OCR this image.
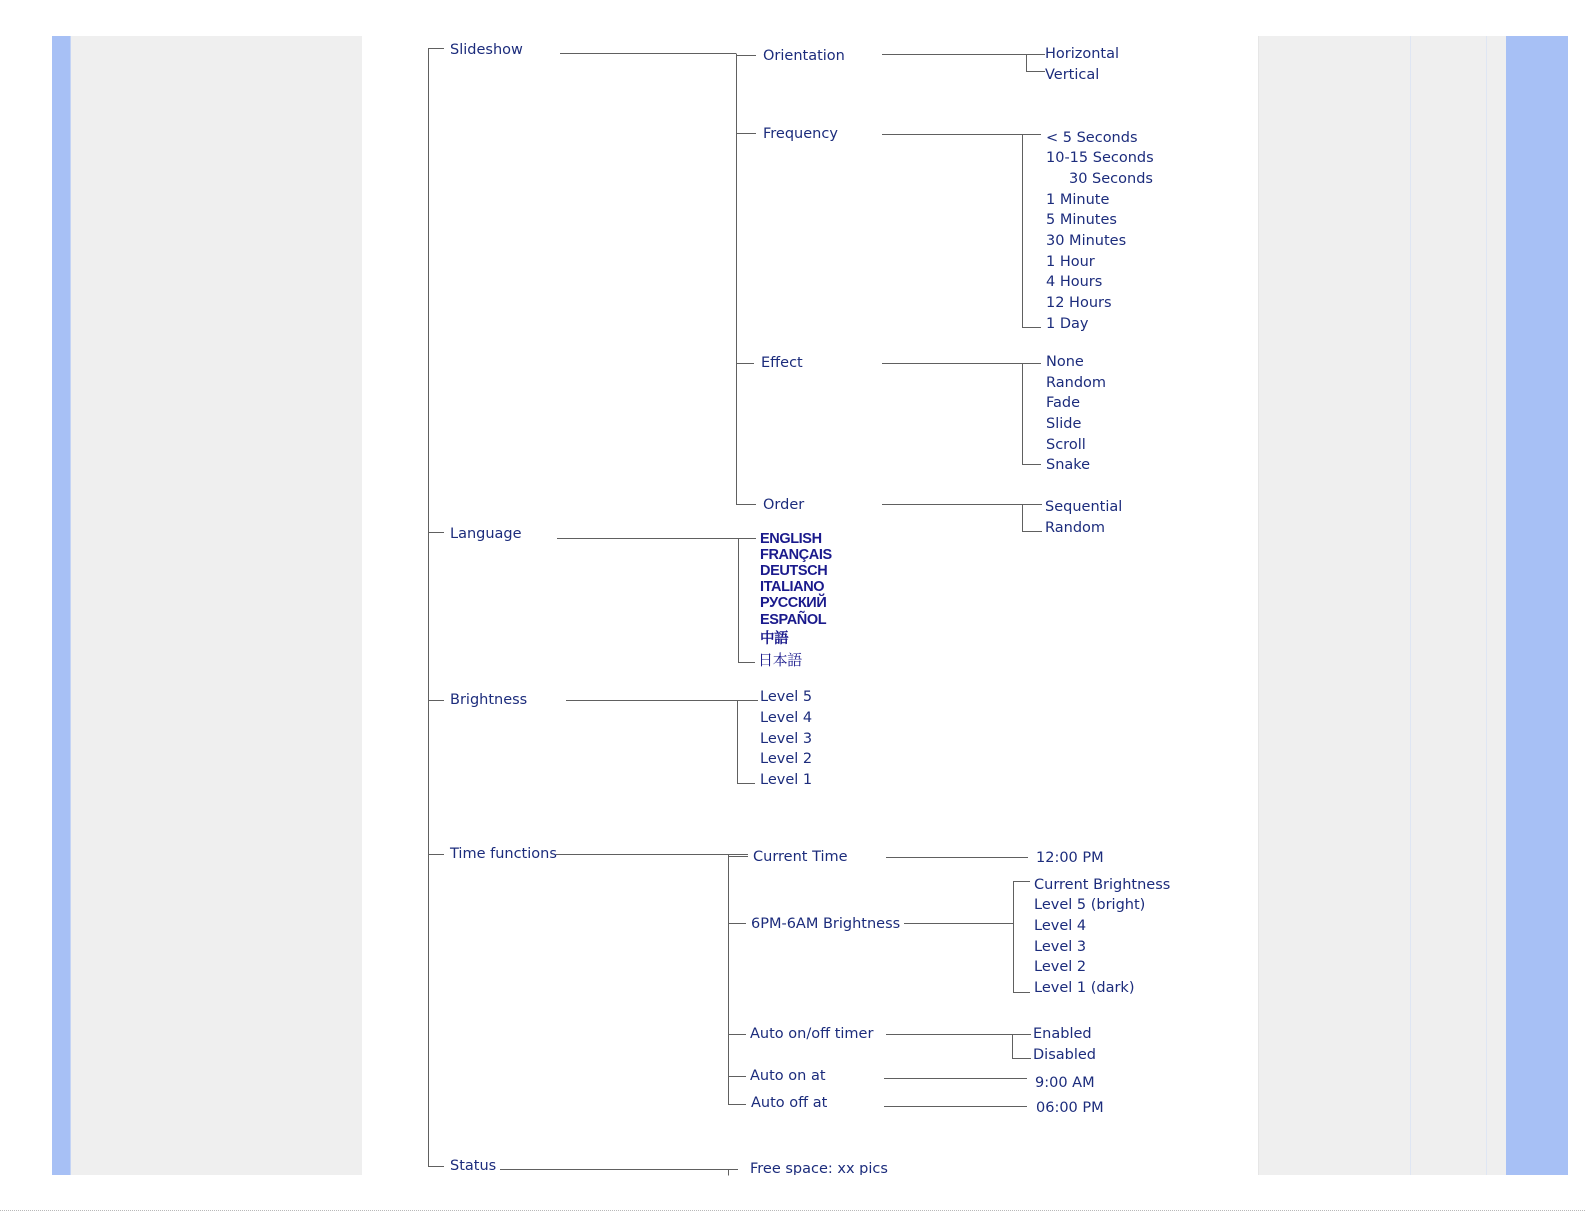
Slideshow
Language
Brightness
Time functions
Status
Orientation
Frequency
Effect
Order
Horizontal
Vertical
< 5 Seconds
10-15 Seconds
30 Seconds
1 Minute
5 Minutes
30 Minutes
1 Hour
4 Hours
12 Hours
1 Day
None
Random
Fade
Slide
Scroll
Snake
Sequential
Random
ENGLISH
FRANÇAIS
DEUTSCH
ITALIANO
РУССКИЙ
ESPAÑOL
中語
日本語
Level 5
Level 4
Level 3
Level 2
Level 1
Current Time
6PM-6AM Brightness
Auto on/off timer
Auto on at
Auto off at
12:00 PM
Current Brightness
Level 5 (bright)
Level 4
Level 3
Level 2
Level 1 (dark)
Enabled
Disabled
9:00 AM
06:00 PM
Free space: xx pics
